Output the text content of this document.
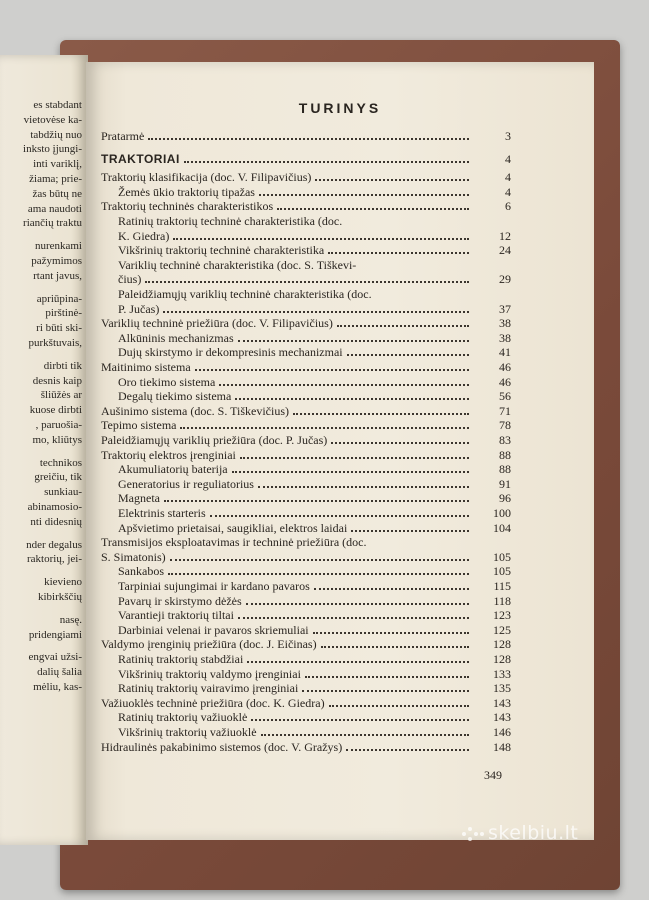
es stabdant
vietovėse ka-
tabdžių nuo
inksto įjungi-
inti variklį,
žiama; prie-
žas būtų ne
ama naudoti
riančių traktu
nurenkami
pažymimos
rtant javus,
apriūpina-
pirštinė-
ri būti ski-
purkštuvais,
dirbti tik
desnis kaip
šliūžės ar
kuose dirbti
, paruošia-
mo, kliūtys
technikos
greičiu, tik
sunkiau-
abinamosio-
nti didesnių
nder degalus
raktorių, jei-
kievieno
kibirkščių
nasę.
pridengiami
engvai užsi-
dalių šalia
mėliu, kas-
TURINYS
Pratarmė	3
TRAKTORIAI	4
Traktorių klasifikacija (doc. V. Filipavičius)	4
Žemės ūkio traktorių tipažas	4
Traktorių techninės charakteristikos	6
Ratinių traktorių techninė charakteristika (doc.
K. Giedra)	12
Vikšrinių traktorių techninė charakteristika	24
Variklių techninė charakteristika (doc. S. Tiškevi-
čius)	29
Paleidžiamųjų variklių techninė charakteristika (doc.
P. Jučas)	37
Variklių techninė priežiūra (doc. V. Filipavičius)	38
Alkūninis mechanizmas	38
Dujų skirstymo ir dekompresinis mechanizmai	41
Maitinimo sistema	46
Oro tiekimo sistema	46
Degalų tiekimo sistema	56
Aušinimo sistema (doc. S. Tiškevičius)	71
Tepimo sistema	78
Paleidžiamųjų variklių priežiūra (doc. P. Jučas)	83
Traktorių elektros įrenginiai	88
Akumuliatorių baterija	88
Generatorius ir reguliatorius	91
Magneta	96
Elektrinis starteris	100
Apšvietimo prietaisai, saugikliai, elektros laidai	104
Transmisijos eksploatavimas ir techninė priežiūra (doc.
S. Simatonis)	105
Sankabos	105
Tarpiniai sujungimai ir kardano pavaros	115
Pavarų ir skirstymo dėžės	118
Varantieji traktorių tiltai	123
Darbiniai velenai ir pavaros skriemuliai	125
Valdymo įrenginių priežiūra (doc. J. Eičinas)	128
Ratinių traktorių stabdžiai	128
Vikšrinių traktorių valdymo įrenginiai	133
Ratinių traktorių vairavimo įrenginiai	135
Važiuoklės techninė priežiūra (doc. K. Giedra)	143
Ratinių traktorių važiuoklė	143
Vikšrinių traktorių važiuoklė	146
Hidraulinės pakabinimo sistemos (doc. V. Gražys)	148
349
skelbiu.lt
